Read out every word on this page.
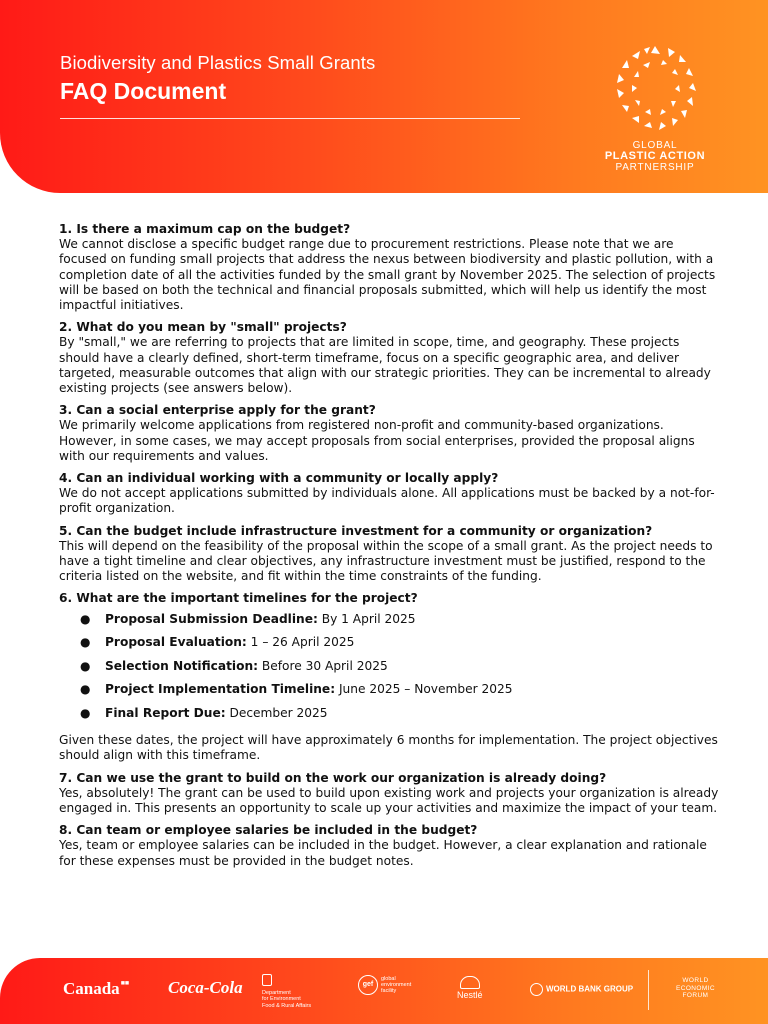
Biodiversity and Plastics Small Grants
FAQ Document
GLOBAL
PLASTIC ACTION
PARTNERSHIP
1. Is there a maximum cap on the budget?
We cannot disclose a specific budget range due to procurement restrictions. Please note that we are focused on funding small projects that address the nexus between biodiversity and plastic pollution, with a completion date of all the activities funded by the small grant by November 2025. The selection of projects will be based on both the technical and financial proposals submitted, which will help us identify the most impactful initiatives.
2. What do you mean by "small" projects?
By "small," we are referring to projects that are limited in scope, time, and geography. These projects should have a clearly defined, short-term timeframe, focus on a specific geographic area, and deliver targeted, measurable outcomes that align with our strategic priorities. They can be incremental to already existing projects (see answers below).
3. Can a social enterprise apply for the grant?
We primarily welcome applications from registered non-profit and community-based organizations. However, in some cases, we may accept proposals from social enterprises, provided the proposal aligns with our requirements and values.
4. Can an individual working with a community or locally apply?
We do not accept applications submitted by individuals alone. All applications must be backed by a not-for-profit organization.
5. Can the budget include infrastructure investment for a community or organization?
This will depend on the feasibility of the proposal within the scope of a small grant. As the project needs to have a tight timeline and clear objectives, any infrastructure investment must be justified, respond to the criteria listed on the website, and fit within the time constraints of the funding.
6. What are the important timelines for the project?
● Proposal Submission Deadline: By 1 April 2025
● Proposal Evaluation: 1 – 26 April 2025
● Selection Notification: Before 30 April 2025
● Project Implementation Timeline: June 2025 – November 2025
● Final Report Due: December 2025
Given these dates, the project will have approximately 6 months for implementation. The project objectives should align with this timeframe.
7. Can we use the grant to build on the work our organization is already doing?
Yes, absolutely! The grant can be used to build upon existing work and projects your organization is already engaged in. This presents an opportunity to scale up your activities and maximize the impact of your team.
8. Can team or employee salaries be included in the budget?
Yes, team or employee salaries can be included in the budget. However, a clear explanation and rationale for these expenses must be provided in the budget notes.
Canada■■ Coca-Cola	Department
for Environment
Food & Rural Affairs
gef
global
environment
facility	Nestlé
WORLD BANK GROUP
WORLD
ECONOMIC
FORUM
